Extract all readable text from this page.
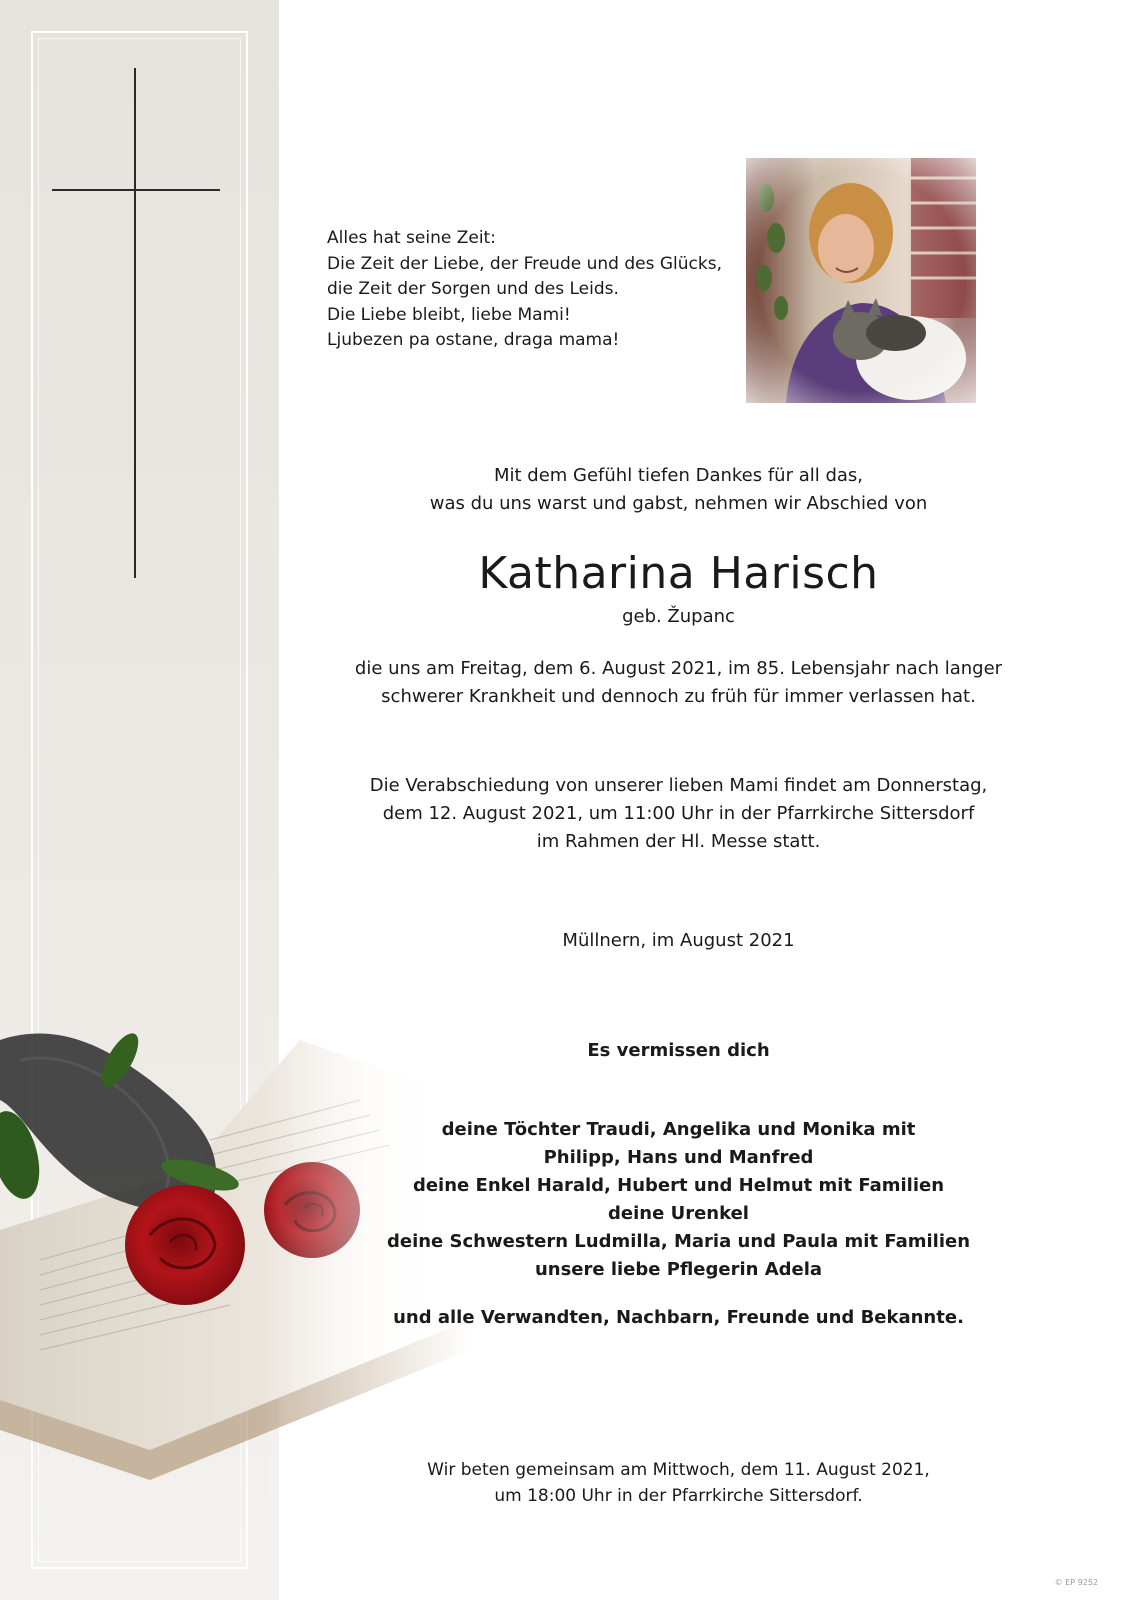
Alles hat seine Zeit:
Die Zeit der Liebe, der Freude und des Glücks,
die Zeit der Sorgen und des Leids.
Die Liebe bleibt, liebe Mami!
Ljubezen pa ostane, draga mama!
Mit dem Gefühl tiefen Dankes für all das,
was du uns warst und gabst, nehmen wir Abschied von
Katharina Harisch
geb. Županc
die uns am Freitag, dem 6. August 2021, im 85. Lebensjahr nach langer
schwerer Krankheit und dennoch zu früh für immer verlassen hat.
Die Verabschiedung von unserer lieben Mami findet am Donnerstag,
dem 12. August 2021, um 11:00 Uhr in der Pfarrkirche Sittersdorf
im Rahmen der Hl. Messe statt.
Müllnern, im August 2021
Es vermissen dich
deine Töchter Traudi, Angelika und Monika mit
Philipp, Hans und Manfred
deine Enkel Harald, Hubert und Helmut mit Familien
deine Urenkel
deine Schwestern Ludmilla, Maria und Paula mit Familien
unsere liebe Pflegerin Adela
und alle Verwandten, Nachbarn, Freunde und Bekannte.
Wir beten gemeinsam am Mittwoch, dem 11. August 2021,
um 18:00 Uhr in der Pfarrkirche Sittersdorf.
© EP 9252
